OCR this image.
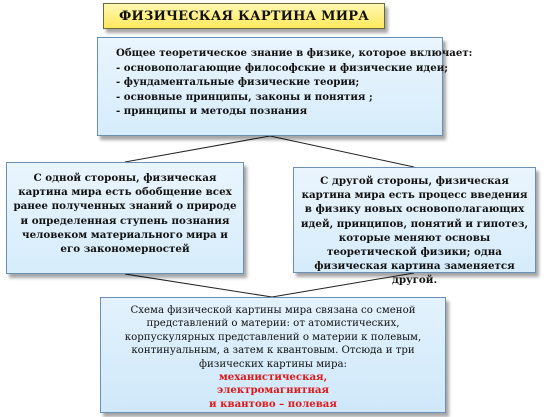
ФИЗИЧЕСКАЯ КАРТИНА МИРА
Общее теоретическое знание в физике, которое включает:
- основополагающие философские и физические идеи;
- фундаментальные физические теории;
- основные принципы, законы и понятия ;
- принципы и методы познания
С одной стороны, физическая картина мира есть обобщение всех ранее полученных знаний о природе и определенная ступень познания человеком материального мира и его закономерностей
С другой стороны, физическая картина мира есть процесс введения в физику новых основополагающих идей, принципов, понятий и гипотез, которые меняют основы теоретической физики; одна физическая картина заменяется другой.
Схема физической картины мира связана со сменой представлений о материи: от атомистических, корпускулярных представлений о материи к полевым, континуальным, а затем к квантовым. Отсюда и три физических картины мира:
механистическая,
электромагнитная
и квантово – полевая
